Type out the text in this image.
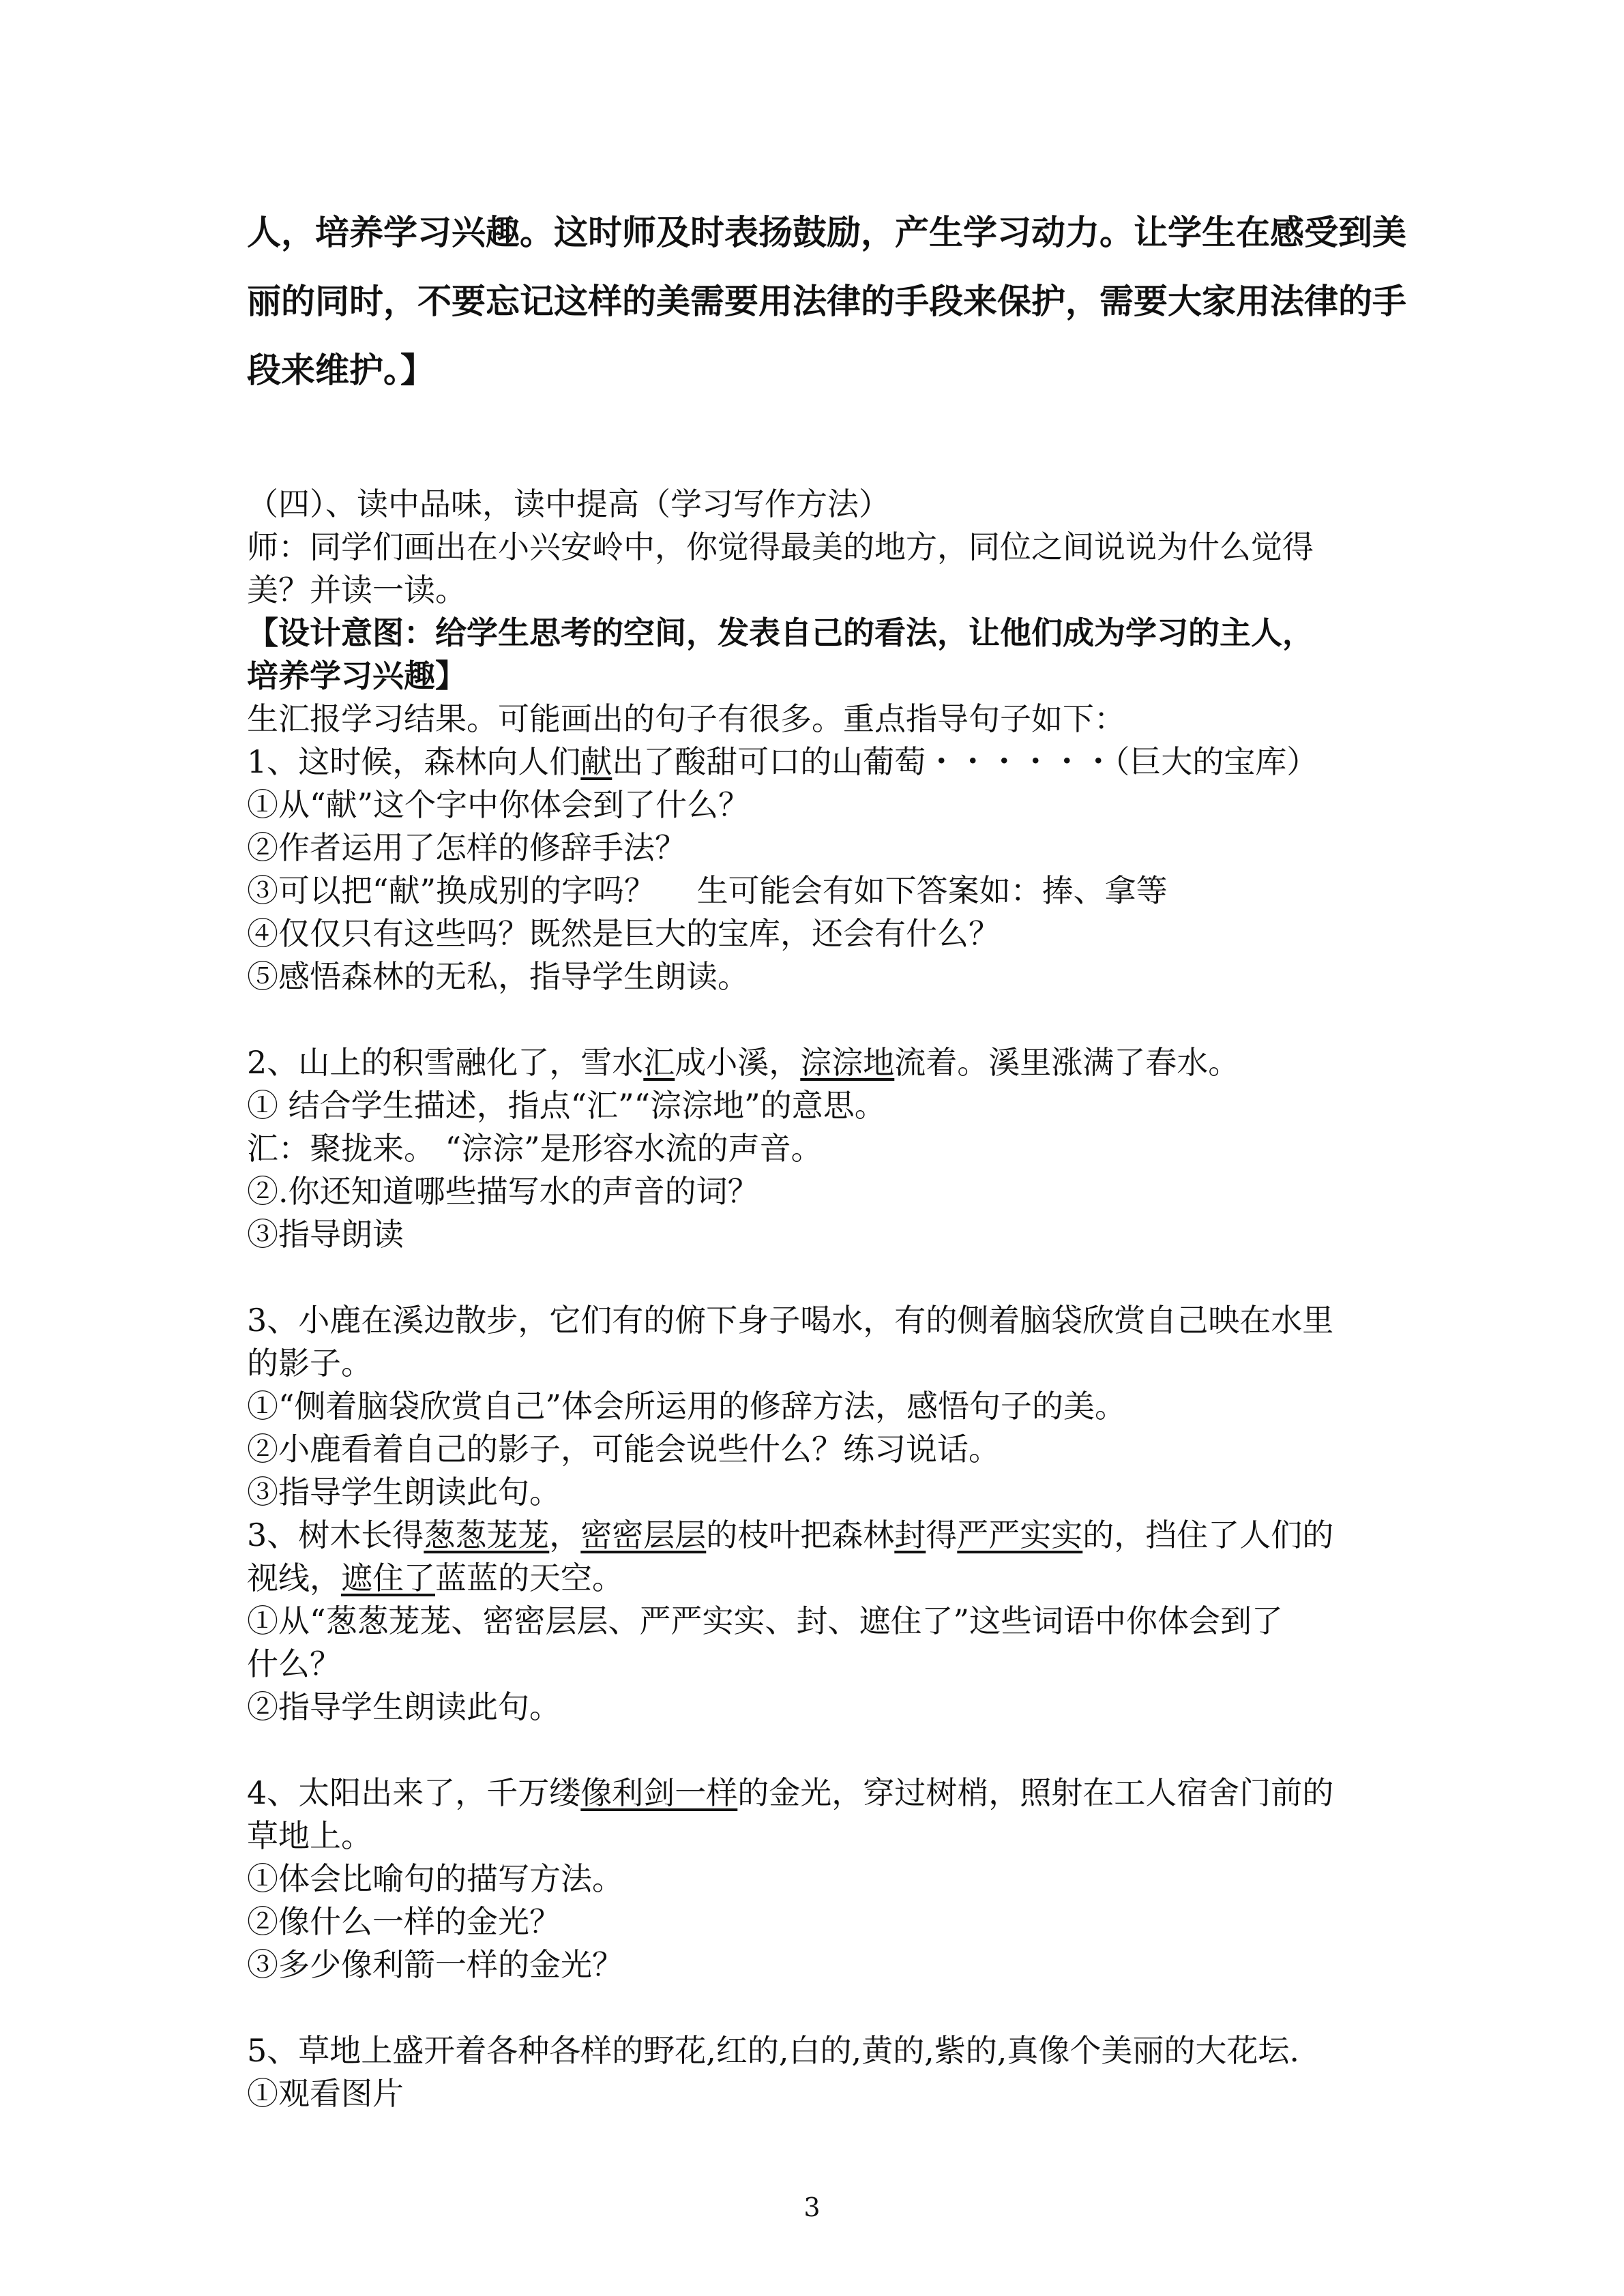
人，培养学习兴趣。这时师及时表扬鼓励，产生学习动力。让学生在感受到美

丽的同时，不要忘记这样的美需要用法律的手段来保护，需要大家用法律的手

段来维护。】

（四）、读中品味，读中提高（学习写作方法）

师：同学们画出在小兴安岭中，你觉得最美的地方，同位之间说说为什么觉得

美？并读一读。

【设计意图：给学生思考的空间，发表自己的看法，让他们成为学习的主人，

培养学习兴趣】

生汇报学习结果。可能画出的句子有很多。重点指导句子如下：

1、这时候，森林向人们献出了酸甜可口的山葡萄・・・・・・（巨大的宝库）

①从“献”这个字中你体会到了什么？

②作者运用了怎样的修辞手法？

③可以把“献”换成别的字吗？　 生可能会有如下答案如：捧、拿等

④仅仅只有这些吗？既然是巨大的宝库，还会有什么？

⑤感悟森林的无私，指导学生朗读。

2、山上的积雪融化了，雪水汇成小溪，淙淙地流着。溪里涨满了春水。

① 结合学生描述，指点“汇”“淙淙地”的意思。

汇：聚拢来。 “淙淙”是形容水流的声音。

②.你还知道哪些描写水的声音的词？

③指导朗读

3、小鹿在溪边散步，它们有的俯下身子喝水，有的侧着脑袋欣赏自己映在水里

的影子。

①“侧着脑袋欣赏自己”体会所运用的修辞方法，感悟句子的美。

②小鹿看着自己的影子，可能会说些什么？练习说话。

③指导学生朗读此句。

3、树木长得葱葱茏茏，密密层层的枝叶把森林封得严严实实的，挡住了人们的

视线，遮住了蓝蓝的天空。

①从“葱葱茏茏、密密层层、严严实实、封、遮住了”这些词语中你体会到了

什么？

②指导学生朗读此句。

4、太阳出来了，千万缕像利剑一样的金光，穿过树梢，照射在工人宿舍门前的

草地上。

①体会比喻句的描写方法。

②像什么一样的金光？

③多少像利箭一样的金光？

5、草地上盛开着各种各样的野花,红的,白的,黄的,紫的,真像个美丽的大花坛.

①观看图片

3
